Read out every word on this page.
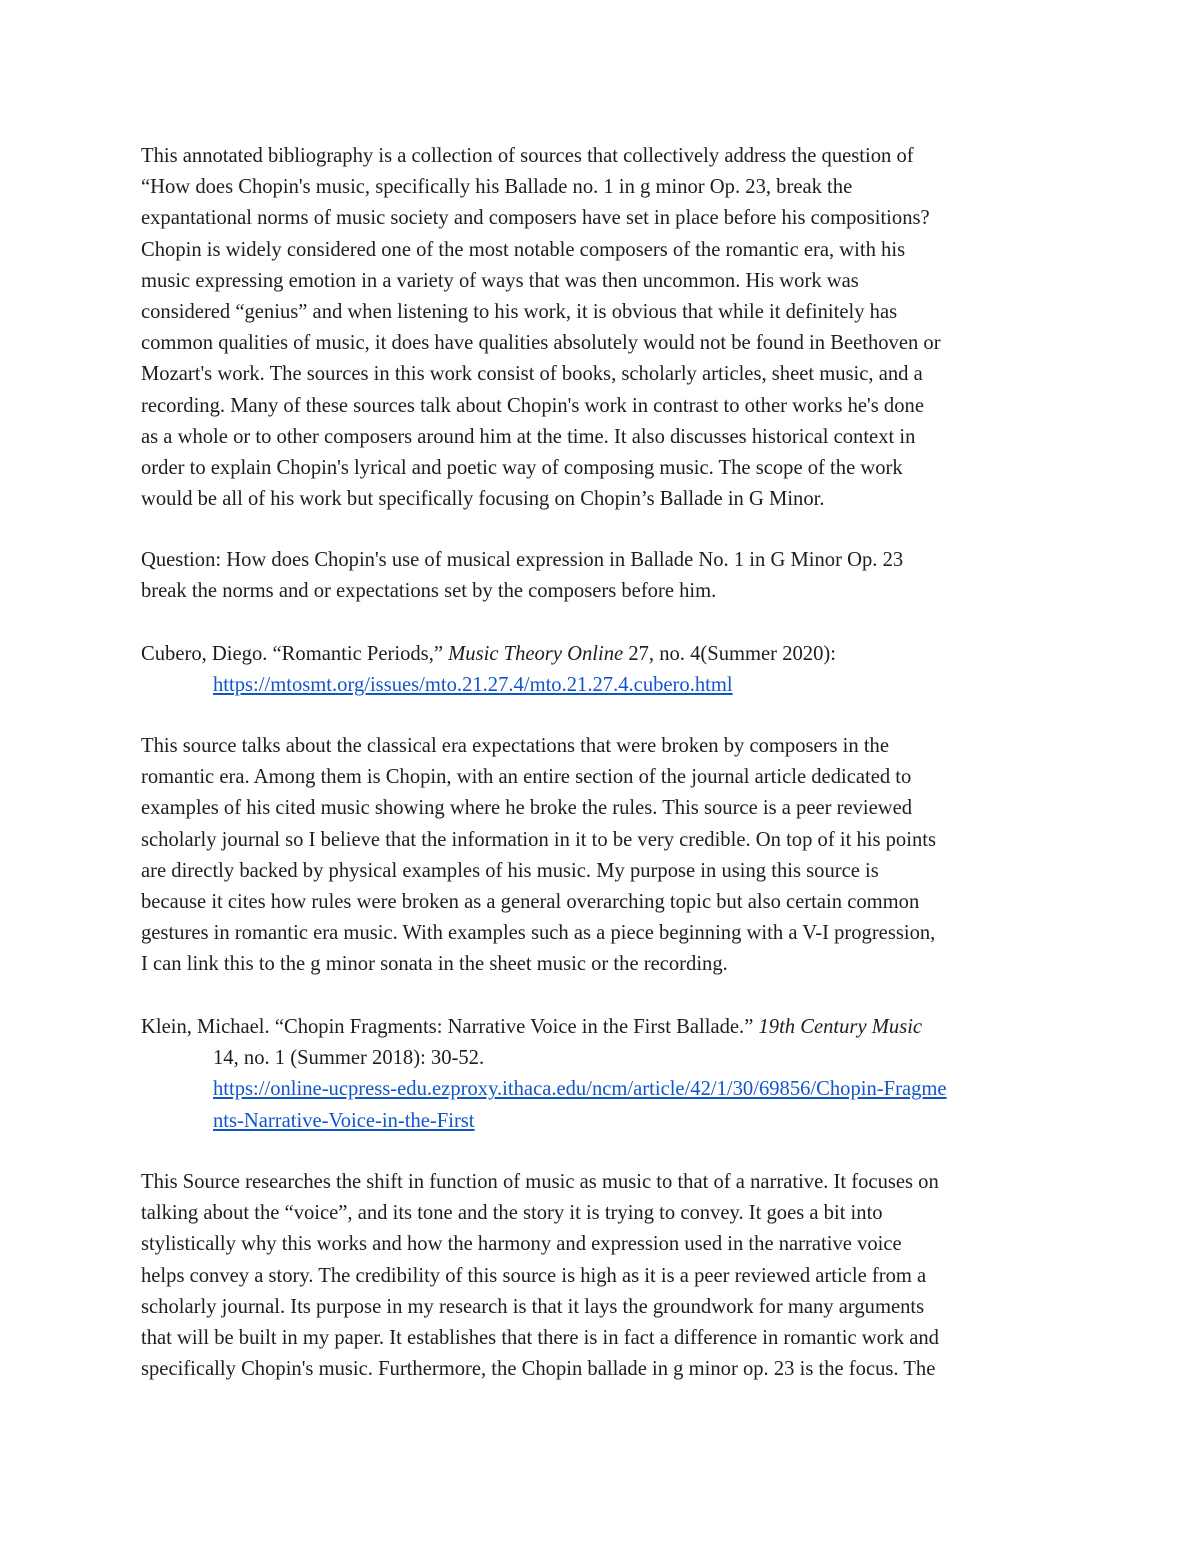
This annotated bibliography is a collection of sources that collectively address the question of
“How does Chopin's music, specifically his Ballade no. 1 in g minor Op. 23, break the
expantational norms of music society and composers have set in place before his compositions?
Chopin is widely considered one of the most notable composers of the romantic era, with his
music expressing emotion in a variety of ways that was then uncommon. His work was
considered “genius” and when listening to his work, it is obvious that while it definitely has
common qualities of music, it does have qualities absolutely would not be found in Beethoven or
Mozart's work. The sources in this work consist of books, scholarly articles, sheet music, and a
recording. Many of these sources talk about Chopin's work in contrast to other works he's done
as a whole or to other composers around him at the time. It also discusses historical context in
order to explain Chopin's lyrical and poetic way of composing music. The scope of the work
would be all of his work but specifically focusing on Chopin’s Ballade in G Minor.
Question: How does Chopin's use of musical expression in Ballade No. 1 in G Minor Op. 23
break the norms and or expectations set by the composers before him.
Cubero, Diego. “Romantic Periods,” Music Theory Online 27, no. 4(Summer 2020):
https://mtosmt.org/issues/mto.21.27.4/mto.21.27.4.cubero.html
This source talks about the classical era expectations that were broken by composers in the
romantic era. Among them is Chopin, with an entire section of the journal article dedicated to
examples of his cited music showing where he broke the rules. This source is a peer reviewed
scholarly journal so I believe that the information in it to be very credible. On top of it his points
are directly backed by physical examples of his music. My purpose in using this source is
because it cites how rules were broken as a general overarching topic but also certain common
gestures in romantic era music. With examples such as a piece beginning with a V-I progression,
I can link this to the g minor sonata in the sheet music or the recording.
Klein, Michael. “Chopin Fragments: Narrative Voice in the First Ballade.” 19th Century Music
14, no. 1 (Summer 2018): 30-52.
https://online-ucpress-edu.ezproxy.ithaca.edu/ncm/article/42/1/30/69856/Chopin-Fragme
nts-Narrative-Voice-in-the-First
This Source researches the shift in function of music as music to that of a narrative. It focuses on
talking about the “voice”, and its tone and the story it is trying to convey. It goes a bit into
stylistically why this works and how the harmony and expression used in the narrative voice
helps convey a story. The credibility of this source is high as it is a peer reviewed article from a
scholarly journal. Its purpose in my research is that it lays the groundwork for many arguments
that will be built in my paper. It establishes that there is in fact a difference in romantic work and
specifically Chopin's music. Furthermore, the Chopin ballade in g minor op. 23 is the focus. The
